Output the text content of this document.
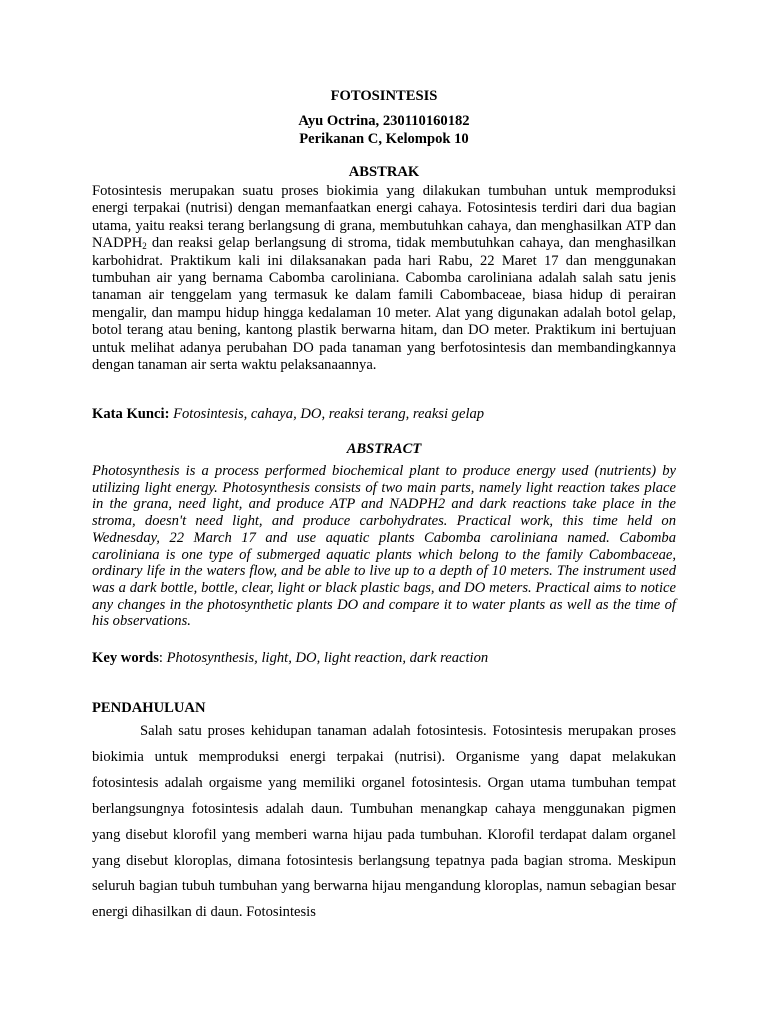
FOTOSINTESIS

Ayu Octrina, 230110160182

Perikanan C, Kelompok 10

ABSTRAK

Fotosintesis merupakan suatu proses biokimia yang dilakukan tumbuhan untuk memproduksi energi terpakai (nutrisi) dengan memanfaatkan energi cahaya. Fotosintesis terdiri dari dua bagian utama, yaitu reaksi terang berlangsung di grana, membutuhkan cahaya, dan menghasilkan ATP dan $NADPH_2$ dan reaksi gelap berlangsung di stroma, tidak membutuhkan cahaya, dan menghasilkan karbohidrat. Praktikum kali ini dilaksanakan pada hari Rabu, 22 Maret 17 dan menggunakan tumbuhan air yang bernama Cabomba caroliniana. Cabomba caroliniana adalah salah satu jenis tanaman air tenggelam yang termasuk ke dalam famili Cabombaceae, biasa hidup di perairan mengalir, dan mampu hidup hingga kedalaman 10 meter. Alat yang digunakan adalah botol gelap, botol terang atau bening, kantong plastik berwarna hitam, dan DO meter. Praktikum ini bertujuan untuk melihat adanya perubahan DO pada tanaman yang berfotosintesis dan membandingkannya dengan tanaman air serta waktu pelaksanaannya.

Kata Kunci: Fotosintesis, cahaya, DO, reaksi terang, reaksi gelap

ABSTRACT

Photosynthesis is a process performed biochemical plant to produce energy used (nutrients) by utilizing light energy. Photosynthesis consists of two main parts, namely light reaction takes place in the grana, need light, and produce ATP and NADPH2 and dark reactions take place in the stroma, doesn't need light, and produce carbohydrates. Practical work, this time held on Wednesday, 22 March 17 and use aquatic plants Cabomba caroliniana named. Cabomba caroliniana is one type of submerged aquatic plants which belong to the family Cabombaceae, ordinary life in the waters flow, and be able to live up to a depth of 10 meters. The instrument used was a dark bottle, bottle, clear, light or black plastic bags, and DO meters. Practical aims to notice any changes in the photosynthetic plants DO and compare it to water plants as well as the time of his observations.

Key words: Photosynthesis, light, DO, light reaction, dark reaction

PENDAHULUAN

Salah satu proses kehidupan tanaman adalah fotosintesis. Fotosintesis merupakan proses biokimia untuk memproduksi energi terpakai (nutrisi). Organisme yang dapat melakukan fotosintesis adalah orgaisme yang memiliki organel fotosintesis. Organ utama tumbuhan tempat berlangsungnya fotosintesis adalah daun. Tumbuhan menangkap cahaya menggunakan pigmen yang disebut klorofil yang memberi warna hijau pada tumbuhan. Klorofil terdapat dalam organel yang disebut kloroplas, dimana fotosintesis berlangsung tepatnya pada bagian stroma. Meskipun seluruh bagian tubuh tumbuhan yang berwarna hijau mengandung kloroplas, namun sebagian besar energi dihasilkan di daun. Fotosintesis
